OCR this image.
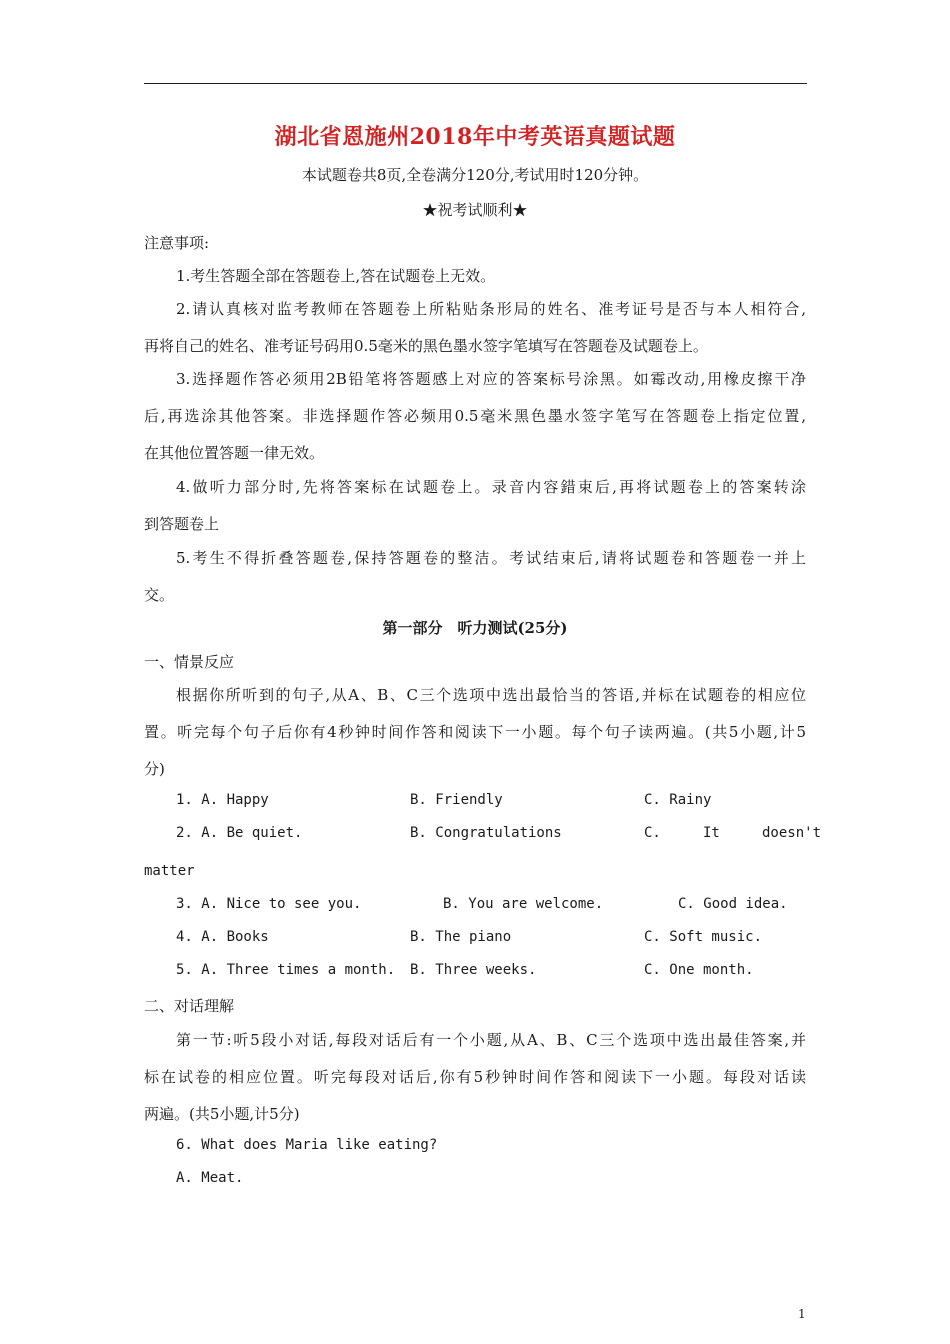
湖北省恩施州2018年中考英语真题试题
本试题卷共8页,全卷满分120分,考试用时120分钟。
★祝考试顺利★
注意事项:
1.考生答题全部在答题卷上,答在试题卷上无效。
2.请认真核对监考教师在答题卷上所粘贴条形局的姓名、准考证号是否与本人相符合,
再将自己的姓名、准考证号码用0.5毫米的黑色墨水签字笔填写在答题卷及试题卷上。
3.选择题作答必须用2B铅笔将答题感上对应的答案标号涂黑。如霉改动,用橡皮擦干净
后,再选涂其他答案。非选择题作答必频用0.5毫米黑色墨水签字笔写在答题卷上指定位置,
在其他位置答题一律无效。
4.做听力部分时,先将答案标在试题卷上。录音内容錯束后,再将试题卷上的答案转涂
到答题卷上
5.考生不得折叠答题卷,保持答題卷的整洁。考试结束后,请将试题卷和答题卷一并上
交。
第一部分　听力测试(25分)
一、情景反应
根据你所听到的句子,从A、B、C三个选项中选出最恰当的答语,并标在试题卷的相应位
置。听完每个句子后你有4秒钟时间作答和阅读下一小题。每个句子读两遍。(共5小题,计5
分)
1. A. Happy	B. Friendly	C. Rainy
2. A. Be quiet.	B. Congratulations	C.     It     doesn't
matter
3. A. Nice to see you.	B. You are welcome.	C. Good idea.
4. A. Books	B. The piano	C. Soft music.
5. A. Three times a month. B. Three weeks.	C. One month.
二、对话理解
第一节:听5段小对话,每段对话后有一个小题,从A、B、C三个选项中选出最佳答案,并
标在试卷的相应位置。听完每段对话后,你有5秒钟时间作答和阅读下一小题。每段对话读
两遍。(共5小题,计5分)
6. What does Maria like eating?
A. Meat.
1
